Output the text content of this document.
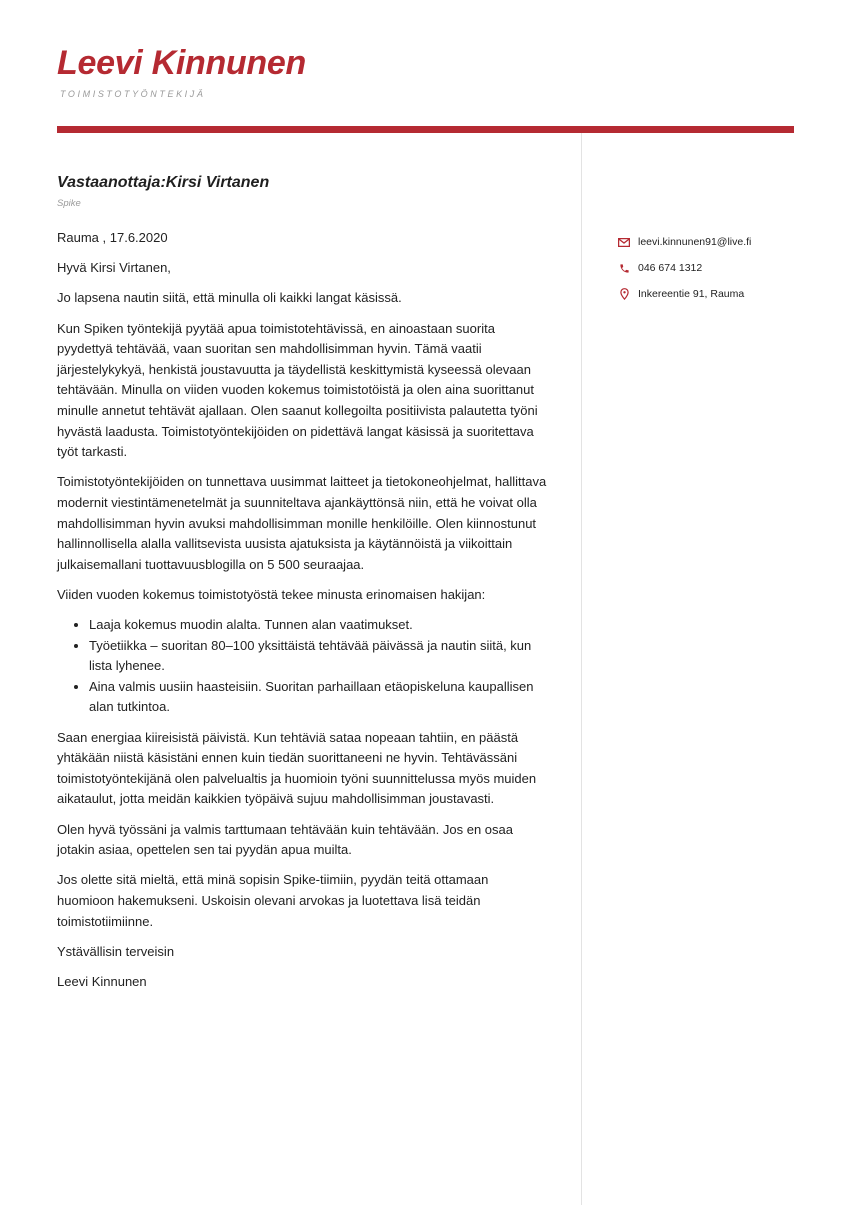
Leevi Kinnunen
TOIMISTOTYÖNTEKIJÄ
Vastaanottaja:Kirsi Virtanen
Spike

Rauma , 17.6.2020

Hyvä Kirsi Virtanen,

Jo lapsena nautin siitä, että minulla oli kaikki langat käsissä.

Kun Spiken työntekijä pyytää apua toimistotehtävissä, en ainoastaan suorita pyydettyä tehtävää, vaan suoritan sen mahdollisimman hyvin. Tämä vaatii järjestelykykyä, henkistä joustavuutta ja täydellistä keskittymistä kyseessä olevaan tehtävään. Minulla on viiden vuoden kokemus toimistotöistä ja olen aina suorittanut minulle annetut tehtävät ajallaan. Olen saanut kollegoilta positiivista palautetta työni hyvästä laadusta. Toimistotyöntekijöiden on pidettävä langat käsissä ja suoritettava työt tarkasti.

Toimistotyöntekijöiden on tunnettava uusimmat laitteet ja tietokoneohjelmat, hallittava modernit viestintämenetelmät ja suunniteltava ajankäyttönsä niin, että he voivat olla mahdollisimman hyvin avuksi mahdollisimman monille henkilöille. Olen kiinnostunut hallinnollisella alalla vallitsevista uusista ajatuksista ja käytännöistä ja viikoittain julkaisemallani tuottavuusblogilla on 5 500 seuraajaa.

Viiden vuoden kokemus toimistotyöstä tekee minusta erinomaisen hakijan:

• Laaja kokemus muodin alalta. Tunnen alan vaatimukset.
• Työetiikka – suoritan 80–100 yksittäistä tehtävää päivässä ja nautin siitä, kun lista lyhenee.
• Aina valmis uusiin haasteisiin. Suoritan parhaillaan etäopiskeluna kaupallisen alan tutkintoa.

Saan energiaa kiireisistä päivistä. Kun tehtäviä sataa nopeaan tahtiin, en päästä yhtäkään niistä käsistäni ennen kuin tiedän suorittaneeni ne hyvin. Tehtävässäni toimistotyöntekijänä olen palvelualtis ja huomioin työni suunnittelussa myös muiden aikataulut, jotta meidän kaikkien työpäivä sujuu mahdollisimman joustavasti.

Olen hyvä työssäni ja valmis tarttumaan tehtävään kuin tehtävään. Jos en osaa jotakin asiaa, opettelen sen tai pyydän apua muilta.

Jos olette sitä mieltä, että minä sopisin Spike-tiimiin, pyydän teitä ottamaan huomioon hakemukseni. Uskoisin olevani arvokas ja luotettava lisä teidän toimistotiimiinne.

Ystävällisin terveisin

Leevi Kinnunen

leevi.kinnunen91@live.fi
046 674 1312
Inkereentie 91, Rauma
